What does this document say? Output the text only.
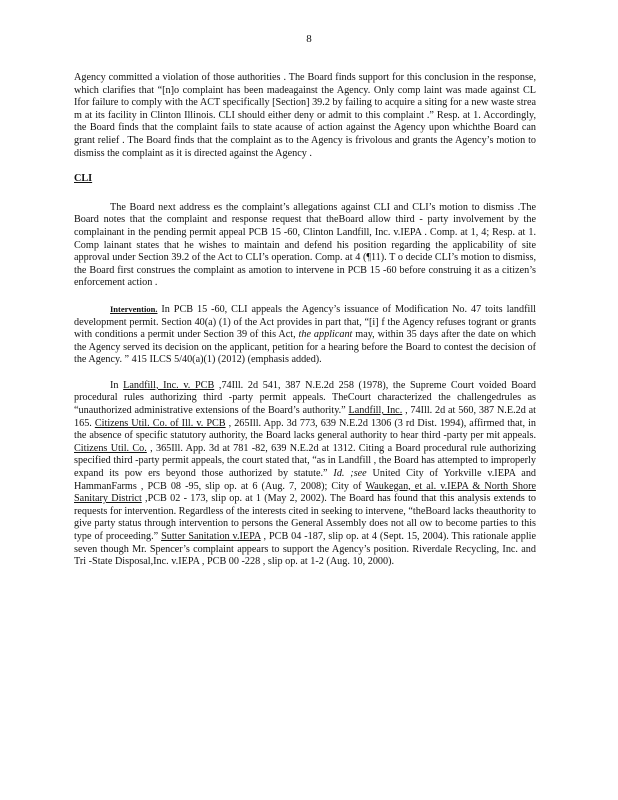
8

Agency committed a violation of those authorities . The Board finds support for this conclusion in the response, which clarifies that “[n]o complaint has been madeagainst the Agency. Only comp laint was made against CL Ifor failure to comply with the ACT specifically [Section] 39.2 by failing to acquire a siting for a new waste strea m at its facility in Clinton Illinois. CLI should either deny or admit to this complaint .” Resp. at 1. Accordingly, the Board finds that the complaint fails to state acause of action against the Agency upon whichthe Board can grant relief . The Board finds that the complaint as to the Agency is frivolous and grants the Agency’s motion to dismiss the complaint as it is directed against the Agency .

CLI

The Board next address es the complaint’s allegations against CLI and CLI’s motion to dismiss .The Board notes that the complaint and response request that theBoard allow third - party involvement by the complainant in the pending permit appeal PCB 15 -60, Clinton Landfill, Inc. v.IEPA . Comp. at 1, 4; Resp. at 1. Comp lainant states that he wishes to maintain and defend his position regarding the applicability of site approval under Section 39.2 of the Act to CLI’s operation. Comp. at 4 (¶11). T o decide CLI’s motion to dismiss, the Board first construes the complaint as amotion to intervene in PCB 15 -60 before construing it as a citizen’s enforcement action .

Intervention. In PCB 15 -60, CLI appeals the Agency’s issuance of Modification No. 47 toits landfill development permit. Section 40(a) (1) of the Act provides in part that, “[i] f the Agency refuses togrant or grants with conditions a permit under Section 39 of this Act, the applicant may, within 35 days after the date on which the Agency served its decision on the applicant, petition for a hearing before the Board to contest the decision of the Agency. ” 415 ILCS 5/40(a)(1) (2012) (emphasis added).

In Landfill, Inc. v. PCB ,74Ill. 2d 541, 387 N.E.2d 258 (1978), the Supreme Court voided Board procedural rules authorizing third -party permit appeals. TheCourt characterized the challengedrules as “unauthorized administrative extensions of the Board’s authority.” Landfill, Inc. , 74Ill. 2d at 560, 387 N.E.2d at 165. Citizens Util. Co. of Ill. v. PCB , 265Ill. App. 3d 773, 639 N.E.2d 1306 (3 rd Dist. 1994), affirmed that, in the absence of specific statutory authority, the Board lacks general authority to hear third -party per mit appeals. Citizens Util. Co. , 365Ill. App. 3d at 781 -82, 639 N.E.2d at 1312. Citing a Board procedural rule authorizing specified third -party permit appeals, the court stated that, “as in Landfill , the Board has attempted to improperly expand its pow ers beyond those authorized by statute.” Id. ;see United City of Yorkville v.IEPA and HammanFarms , PCB 08 -95, slip op. at 6 (Aug. 7, 2008); City of Waukegan, et al. v.IEPA & North Shore Sanitary District ,PCB 02 - 173, slip op. at 1 (May 2, 2002). The Board has found that this analysis extends to requests for intervention. Regardless of the interests cited in seeking to intervene, “theBoard lacks theauthority to give party status through intervention to persons the General Assembly does not all ow to become parties to this type of proceeding.” Sutter Sanitation v.IEPA , PCB 04 -187, slip op. at 4 (Sept. 15, 2004). This rationale applie seven though Mr. Spencer’s complaint appears to support the Agency’s position. Riverdale Recycling, Inc. and Tri -State Disposal,Inc. v.IEPA , PCB 00 -228 , slip op. at 1-2 (Aug. 10, 2000).
